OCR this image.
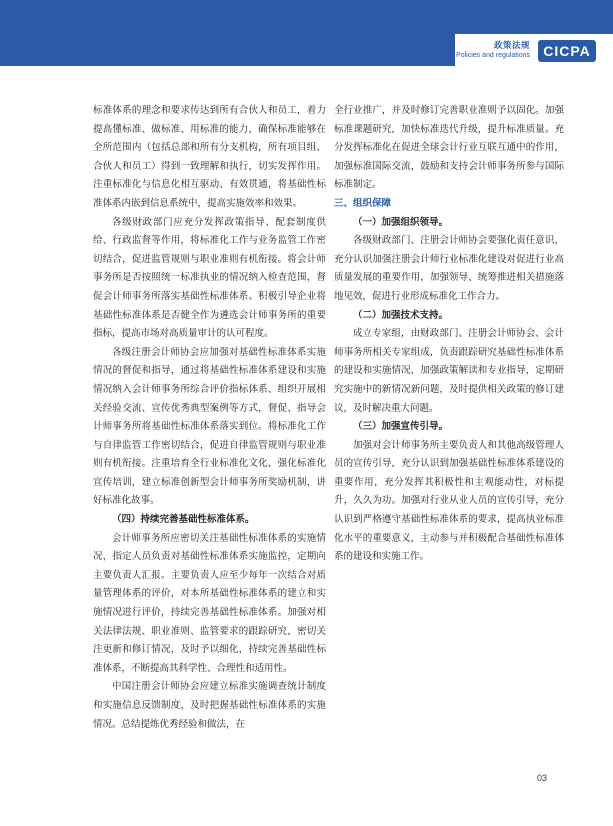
政策法规
Policies and regulations CICPA

标准体系的理念和要求传达到所有合伙人和员工，着力提高懂标准、做标准、用标准的能力，确保标准能够在全所范围内（包括总部和所有分支机构，所有项目组、合伙人和员工）得到一致理解和执行，切实发挥作用。注重标准化与信息化相互驱动、有效贯通，将基础性标准体系内嵌到信息系统中，提高实施效率和效果。

各级财政部门应充分发挥政策指导、配套制度供给、行政监督等作用，将标准化工作与业务监管工作密切结合，促进监管规则与职业准则有机衔接。将会计师事务所是否按照统一标准执业的情况纳入检查范围，督促会计师事务所落实基础性标准体系。积极引导企业将基础性标准体系是否健全作为遴选会计师事务所的重要指标，提高市场对高质量审计的认可程度。

各级注册会计师协会应加强对基础性标准体系实施情况的督促和指导，通过将基础性标准体系建设和实施情况纳入会计师事务所综合评价指标体系、组织开展相关经验交流、宣传优秀典型案例等方式，督促、指导会计师事务所将基础性标准体系落实到位。将标准化工作与自律监管工作密切结合，促进自律监管规则与职业准则有机衔接。注重培育全行业标准化文化，强化标准化宣传培训，建立标准创新型会计师事务所奖励机制，讲好标准化故事。

（四）持续完善基础性标准体系。

会计师事务所应密切关注基础性标准体系的实施情况，指定人员负责对基础性标准体系实施监控，定期向主要负责人汇报。主要负责人应至少每年一次结合对质量管理体系的评价，对本所基础性标准体系的建立和实施情况进行评价，持续完善基础性标准体系。加强对相关法律法规、职业准则、监管要求的跟踪研究，密切关注更新和修订情况，及时予以细化，持续完善基础性标准体系，不断提高其科学性、合理性和适用性。

中国注册会计师协会应建立标准实施调查统计制度和实施信息反馈制度，及时把握基础性标准体系的实施情况。总结提炼优秀经验和做法，在

全行业推广，并及时修订完善职业准则予以固化。加强标准课题研究，加快标准迭代升级，提升标准质量。充分发挥标准化在促进全球会计行业互联互通中的作用，加强标准国际交流，鼓励和支持会计师事务所参与国际标准制定。

三、组织保障

（一）加强组织领导。

各级财政部门、注册会计师协会要强化责任意识，充分认识加强注册会计师行业标准化建设对促进行业高质量发展的重要作用，加强领导、统筹推进相关措施落地见效，促进行业形成标准化工作合力。

（二）加强技术支持。

成立专家组，由财政部门、注册会计师协会、会计师事务所相关专家组成，负责跟踪研究基础性标准体系的建设和实施情况，加强政策解读和专业指导，定期研究实施中的新情况新问题，及时提供相关政策的修订建议，及时解决重大问题。

（三）加强宣传引导。

加强对会计师事务所主要负责人和其他高级管理人员的宣传引导，充分认识到加强基础性标准体系建设的重要作用，充分发挥其积极性和主观能动性，对标提升，久久为功。加强对行业从业人员的宣传引导，充分认识到严格遵守基础性标准体系的要求，提高执业标准化水平的重要意义，主动参与并积极配合基础性标准体系的建设和实施工作。

03
